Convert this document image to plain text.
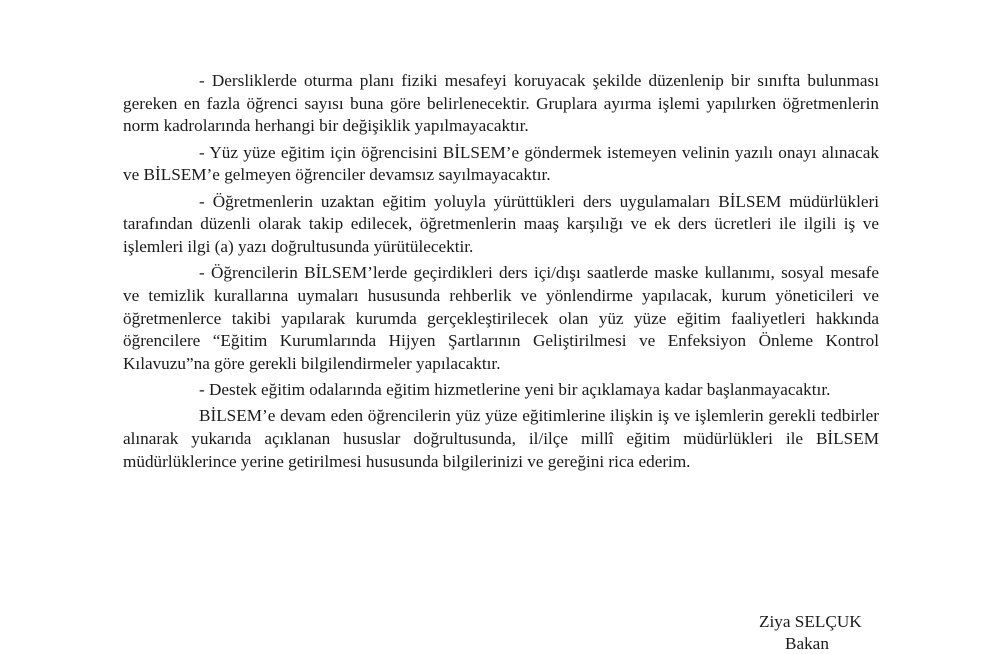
- Dersliklerde oturma planı fiziki mesafeyi koruyacak şekilde düzenlenip bir sınıfta bulunması gereken en fazla öğrenci sayısı buna göre belirlenecektir. Gruplara ayırma işlemi yapılırken öğretmenlerin norm kadrolarında herhangi bir değişiklik yapılmayacaktır.

- Yüz yüze eğitim için öğrencisini BİLSEM’e göndermek istemeyen velinin yazılı onayı alınacak ve BİLSEM’e gelmeyen öğrenciler devamsız sayılmayacaktır.

- Öğretmenlerin uzaktan eğitim yoluyla yürüttükleri ders uygulamaları BİLSEM müdürlükleri tarafından düzenli olarak takip edilecek, öğretmenlerin maaş karşılığı ve ek ders ücretleri ile ilgili iş ve işlemleri ilgi (a) yazı doğrultusunda yürütülecektir.

- Öğrencilerin BİLSEM’lerde geçirdikleri ders içi/dışı saatlerde maske kullanımı, sosyal mesafe ve temizlik kurallarına uymaları hususunda rehberlik ve yönlendirme yapılacak, kurum yöneticileri ve öğretmenlerce takibi yapılarak kurumda gerçekleştirilecek olan yüz yüze eğitim faaliyetleri hakkında öğrencilere “Eğitim Kurumlarında Hijyen Şartlarının Geliştirilmesi ve Enfeksiyon Önleme Kontrol Kılavuzu”na göre gerekli bilgilendirmeler yapılacaktır.

- Destek eğitim odalarında eğitim hizmetlerine yeni bir açıklamaya kadar başlanmayacaktır.

BİLSEM’e devam eden öğrencilerin yüz yüze eğitimlerine ilişkin iş ve işlemlerin gerekli tedbirler alınarak yukarıda açıklanan hususlar doğrultusunda, il/ilçe millî eğitim müdürlükleri ile BİLSEM müdürlüklerince yerine getirilmesi hususunda bilgilerinizi ve gereğini rica ederim.

Ziya SELÇUK
Bakan
